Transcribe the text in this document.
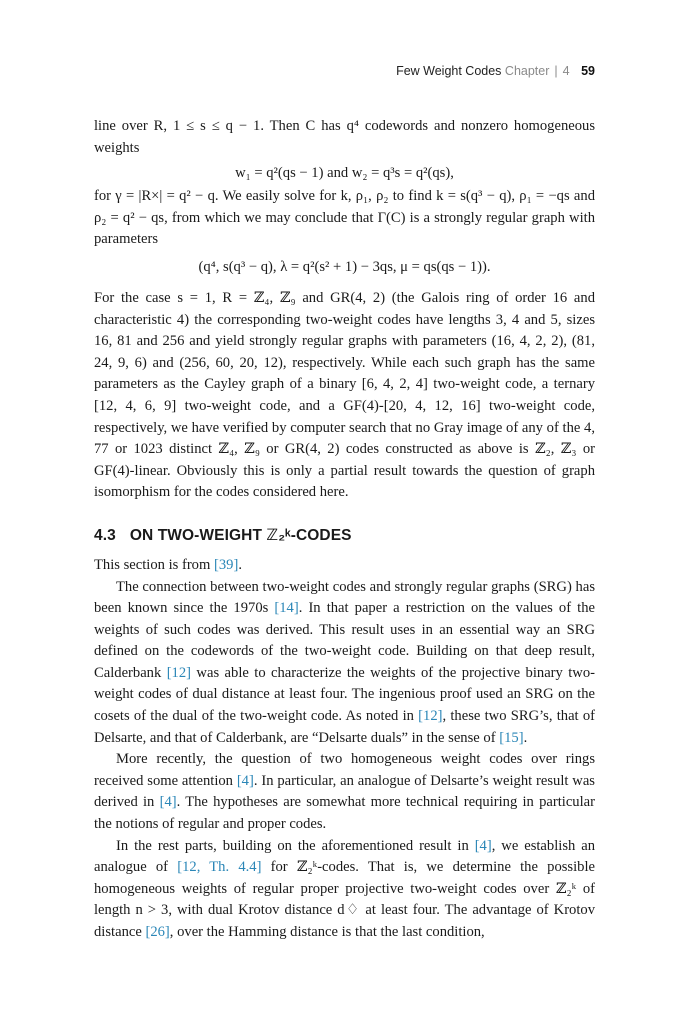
Few Weight Codes Chapter | 4 59

line over R, 1 ≤ s ≤ q − 1. Then C has q⁴ codewords and nonzero homogeneous weights

w₁ = q²(qs − 1) and w₂ = q³s = q²(qs),

for γ = |R×| = q² − q. We easily solve for k, ρ₁, ρ₂ to find k = s(q³ − q), ρ₁ = −qs and ρ₂ = q² − qs, from which we may conclude that Γ(C) is a strongly regular graph with parameters

(q⁴, s(q³ − q), λ = q²(s² + 1) − 3qs, μ = qs(qs − 1)).

For the case s = 1, R = ℤ₄, ℤ₉ and GR(4, 2) (the Galois ring of order 16 and characteristic 4) the corresponding two-weight codes have lengths 3, 4 and 5, sizes 16, 81 and 256 and yield strongly regular graphs with parameters (16, 4, 2, 2), (81, 24, 9, 6) and (256, 60, 20, 12), respectively. While each such graph has the same parameters as the Cayley graph of a binary [6, 4, 2, 4] two-weight code, a ternary [12, 4, 6, 9] two-weight code, and a GF(4)-[20, 4, 12, 16] two-weight code, respectively, we have verified by computer search that no Gray image of any of the 4, 77 or 1023 distinct ℤ₄, ℤ₉ or GR(4, 2) codes constructed as above is ℤ₂, ℤ₃ or GF(4)-linear. Obviously this is only a partial result towards the question of graph isomorphism for the codes considered here.

4.3 ON TWO-WEIGHT ℤ₂ᵏ-CODES

This section is from [39].

The connection between two-weight codes and strongly regular graphs (SRG) has been known since the 1970s [14]. In that paper a restriction on the values of the weights of such codes was derived. This result uses in an essential way an SRG defined on the codewords of the two-weight code. Building on that deep result, Calderbank [12] was able to characterize the weights of the projective binary two-weight codes of dual distance at least four. The ingenious proof used an SRG on the cosets of the dual of the two-weight code. As noted in [12], these two SRG’s, that of Delsarte, and that of Calderbank, are “Delsarte duals” in the sense of [15].

More recently, the question of two homogeneous weight codes over rings received some attention [4]. In particular, an analogue of Delsarte’s weight result was derived in [4]. The hypotheses are somewhat more technical requiring in particular the notions of regular and proper codes.

In the rest parts, building on the aforementioned result in [4], we establish an analogue of [12, Th. 4.4] for ℤ₂ᵏ-codes. That is, we determine the possible homogeneous weights of regular proper projective two-weight codes over ℤ₂ᵏ of length n > 3, with dual Krotov distance d♢ at least four. The advantage of Krotov distance [26], over the Hamming distance is that the last condition,
